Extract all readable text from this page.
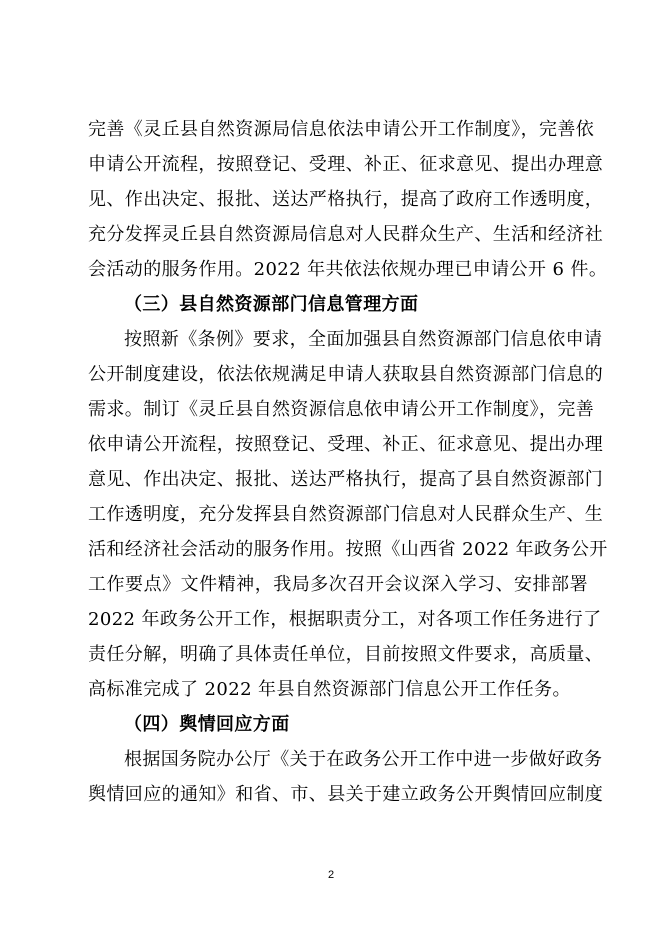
完善《灵丘县自然资源局信息依法申请公开工作制度》，完善依
申请公开流程，按照登记、受理、补正、征求意见、提出办理意
见、作出决定、报批、送达严格执行，提高了政府工作透明度，
充分发挥灵丘县自然资源局信息对人民群众生产、生活和经济社
会活动的服务作用。2022 年共依法依规办理已申请公开 6 件。
（三）县自然资源部门信息管理方面
按照新《条例》要求，全面加强县自然资源部门信息依申请
公开制度建设，依法依规满足申请人获取县自然资源部门信息的
需求。制订《灵丘县自然资源信息依申请公开工作制度》，完善
依申请公开流程，按照登记、受理、补正、征求意见、提出办理
意见、作出决定、报批、送达严格执行，提高了县自然资源部门
工作透明度，充分发挥县自然资源部门信息对人民群众生产、生
活和经济社会活动的服务作用。按照《山西省 2022 年政务公开
工作要点》文件精神，我局多次召开会议深入学习、安排部署
2022 年政务公开工作，根据职责分工，对各项工作任务进行了
责任分解，明确了具体责任单位，目前按照文件要求，高质量、
高标准完成了 2022 年县自然资源部门信息公开工作任务。
（四）舆情回应方面
根据国务院办公厅《关于在政务公开工作中进一步做好政务
舆情回应的通知》和省、市、县关于建立政务公开舆情回应制度
2
